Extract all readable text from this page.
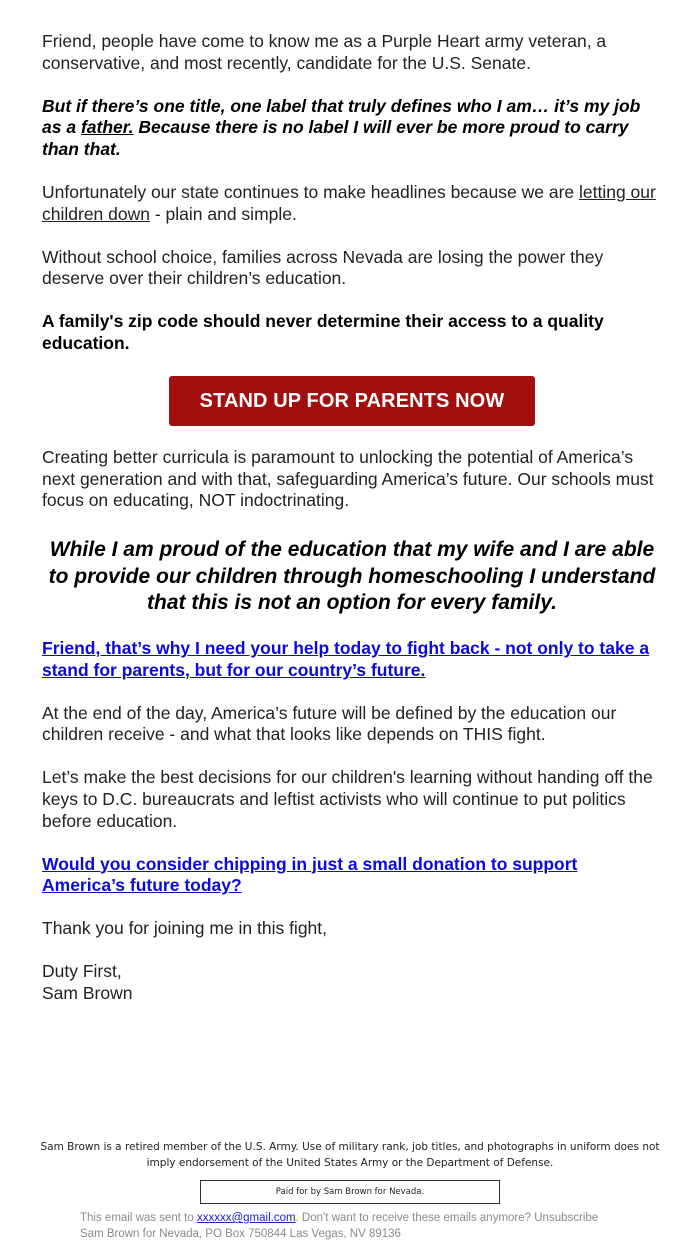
Friend, people have come to know me as a Purple Heart army veteran, a conservative, and most recently, candidate for the U.S. Senate.

But if there’s one title, one label that truly defines who I am… it’s my job as a father. Because there is no label I will ever be more proud to carry than that.

Unfortunately our state continues to make headlines because we are letting our children down - plain and simple.

Without school choice, families across Nevada are losing the power they deserve over their children’s education.

A family's zip code should never determine their access to a quality education.

STAND UP FOR PARENTS NOW

Creating better curricula is paramount to unlocking the potential of America’s next generation and with that, safeguarding America’s future. Our schools must focus on educating, NOT indoctrinating.

While I am proud of the education that my wife and I are able to provide our children through homeschooling I understand that this is not an option for every family.

Friend, that’s why I need your help today to fight back - not only to take a stand for parents, but for our country’s future.

At the end of the day, America’s future will be defined by the education our children receive - and what that looks like depends on THIS fight.

Let’s make the best decisions for our children's learning without handing off the keys to D.C. bureaucrats and leftist activists who will continue to put politics before education.

Would you consider chipping in just a small donation to support America’s future today?

Thank you for joining me in this fight,

Duty First,
Sam Brown

Sam Brown is a retired member of the U.S. Army. Use of military rank, job titles, and photographs in uniform does not imply endorsement of the United States Army or the Department of Defense.
Paid for by Sam Brown for Nevada.
This email was sent to xxxxxx@gmail.com. Don't want to receive these emails anymore? Unsubscribe
Sam Brown for Nevada, PO Box 750844 Las Vegas, NV 89136
